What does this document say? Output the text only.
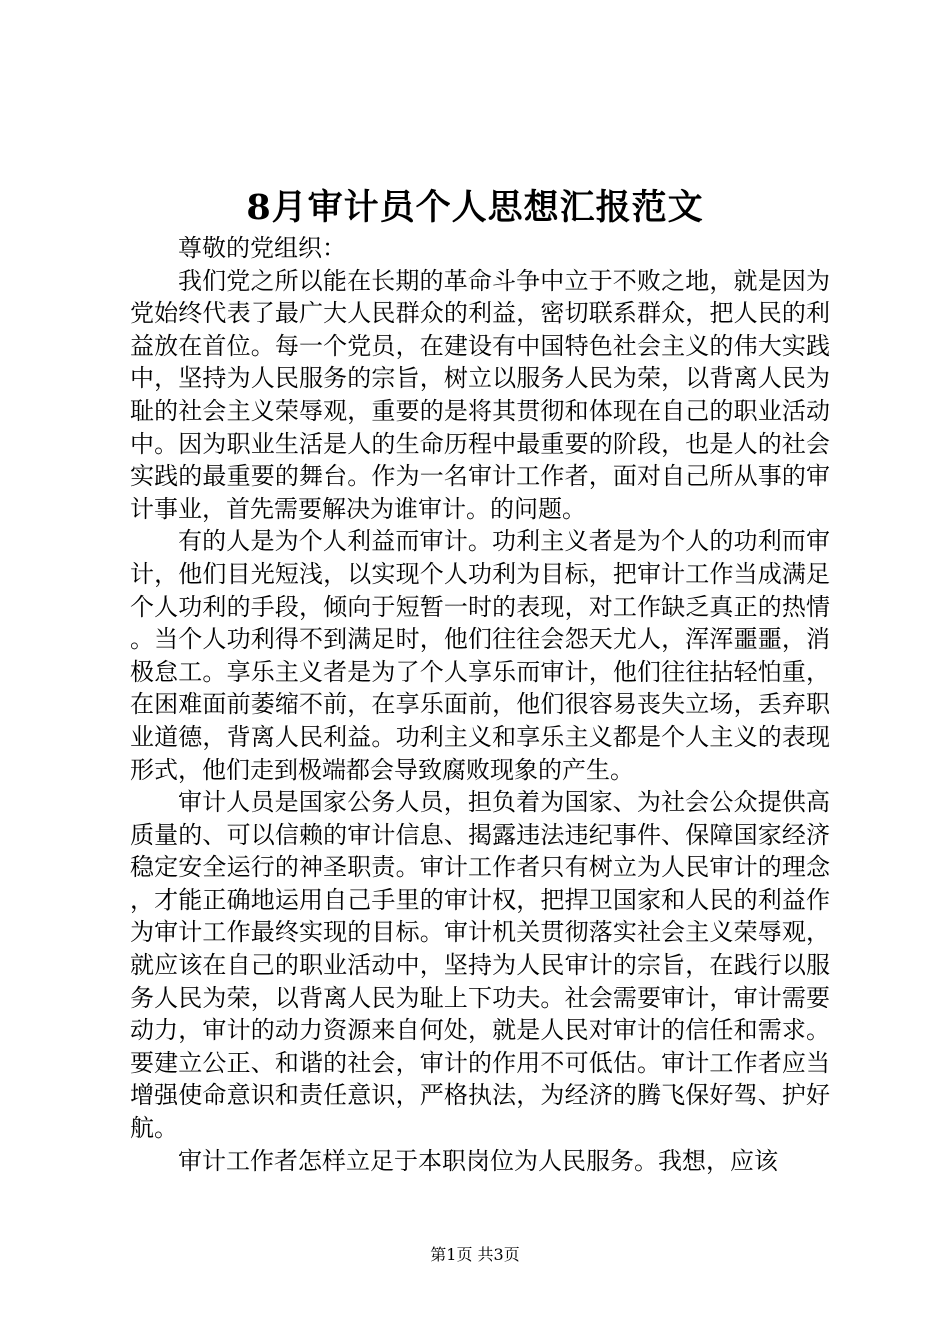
8月审计员个人思想汇报范文

尊敬的党组织：

我们党之所以能在长期的革命斗争中立于不败之地，就是因为党始终代表了最广大人民群众的利益，密切联系群众，把人民的利益放在首位。每一个党员，在建设有中国特色社会主义的伟大实践中，坚持为人民服务的宗旨，树立以服务人民为荣，以背离人民为耻的社会主义荣辱观，重要的是将其贯彻和体现在自己的职业活动中。因为职业生活是人的生命历程中最重要的阶段，也是人的社会实践的最重要的舞台。作为一名审计工作者，面对自己所从事的审计事业，首先需要解决为谁审计。的问题。

有的人是为个人利益而审计。功利主义者是为个人的功利而审计，他们目光短浅，以实现个人功利为目标，把审计工作当成满足个人功利的手段，倾向于短暂一时的表现，对工作缺乏真正的热情。当个人功利得不到满足时，他们往往会怨天尤人，浑浑噩噩，消极怠工。享乐主义者是为了个人享乐而审计，他们往往拈轻怕重，在困难面前萎缩不前，在享乐面前，他们很容易丧失立场，丢弃职业道德，背离人民利益。功利主义和享乐主义都是个人主义的表现形式，他们走到极端都会导致腐败现象的产生。

审计人员是国家公务人员，担负着为国家、为社会公众提供高质量的、可以信赖的审计信息、揭露违法违纪事件、保障国家经济稳定安全运行的神圣职责。审计工作者只有树立为人民审计的理念，才能正确地运用自己手里的审计权，把捍卫国家和人民的利益作为审计工作最终实现的目标。审计机关贯彻落实社会主义荣辱观，就应该在自己的职业活动中，坚持为人民审计的宗旨，在践行以服务人民为荣，以背离人民为耻上下功夫。社会需要审计，审计需要动力，审计的动力资源来自何处，就是人民对审计的信任和需求。要建立公正、和谐的社会，审计的作用不可低估。审计工作者应当增强使命意识和责任意识，严格执法，为经济的腾飞保好驾、护好航。

审计工作者怎样立足于本职岗位为人民服务。我想，应该

第1页 共3页
